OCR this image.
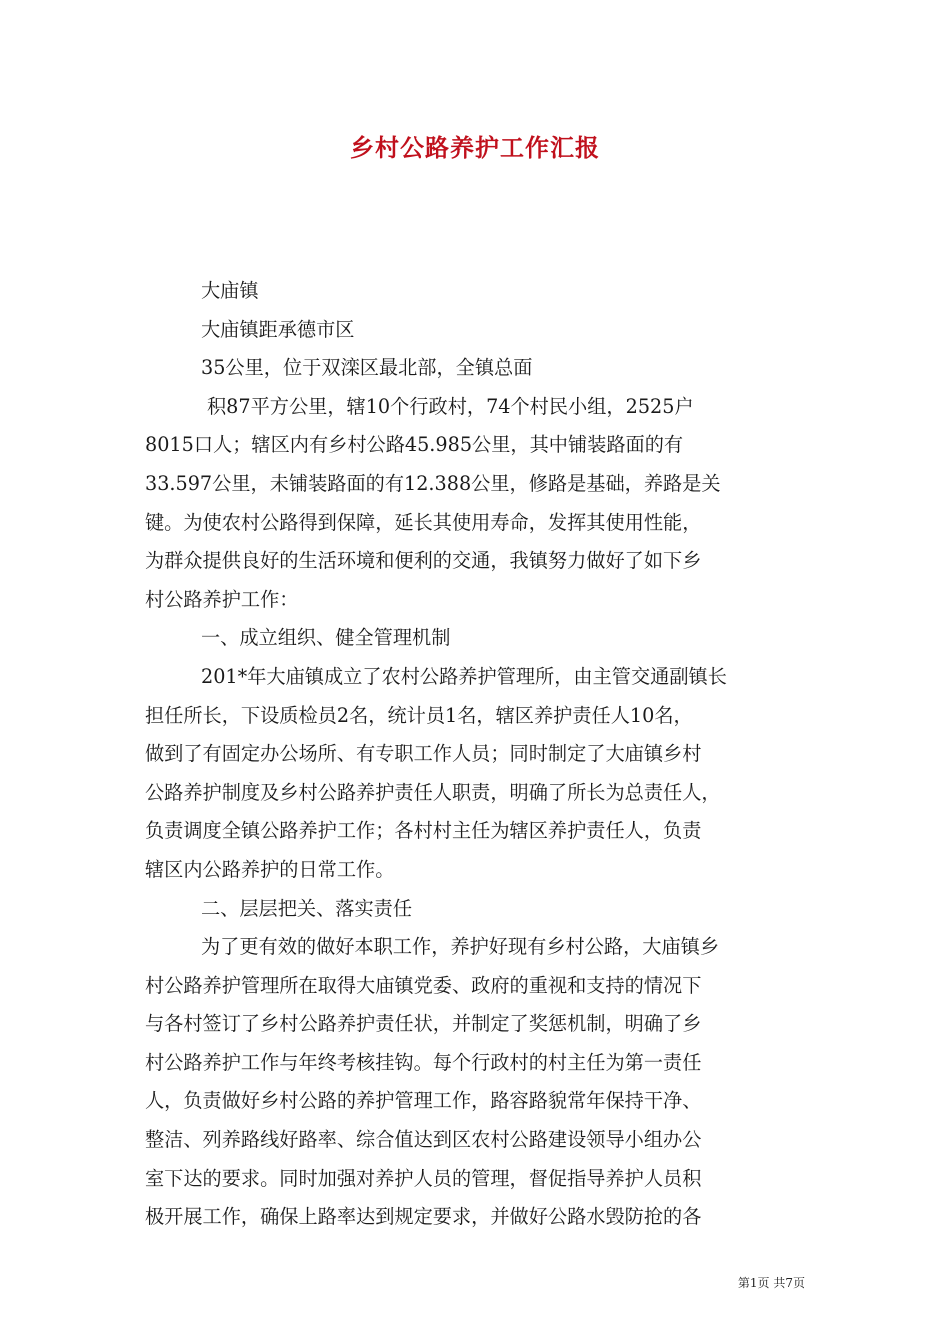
乡村公路养护工作汇报
大庙镇
大庙镇距承德市区
35公里，位于双滦区最北部，全镇总面
积87平方公里，辖10个行政村，74个村民小组，2525户
8015口人；辖区内有乡村公路45.985公里，其中铺装路面的有
33.597公里，未铺装路面的有12.388公里，修路是基础，养路是关
键。为使农村公路得到保障，延长其使用寿命，发挥其使用性能，
为群众提供良好的生活环境和便利的交通，我镇努力做好了如下乡
村公路养护工作：
一、成立组织、健全管理机制
201*年大庙镇成立了农村公路养护管理所，由主管交通副镇长
担任所长，下设质检员2名，统计员1名，辖区养护责任人10名，
做到了有固定办公场所、有专职工作人员；同时制定了大庙镇乡村
公路养护制度及乡村公路养护责任人职责，明确了所长为总责任人，
负责调度全镇公路养护工作；各村村主任为辖区养护责任人，负责
辖区内公路养护的日常工作。
二、层层把关、落实责任
为了更有效的做好本职工作，养护好现有乡村公路，大庙镇乡
村公路养护管理所在取得大庙镇党委、政府的重视和支持的情况下
与各村签订了乡村公路养护责任状，并制定了奖惩机制，明确了乡
村公路养护工作与年终考核挂钩。每个行政村的村主任为第一责任
人，负责做好乡村公路的养护管理工作，路容路貌常年保持干净、
整洁、列养路线好路率、综合值达到区农村公路建设领导小组办公
室下达的要求。同时加强对养护人员的管理，督促指导养护人员积
极开展工作，确保上路率达到规定要求，并做好公路水毁防抢的各
第1页 共7页
